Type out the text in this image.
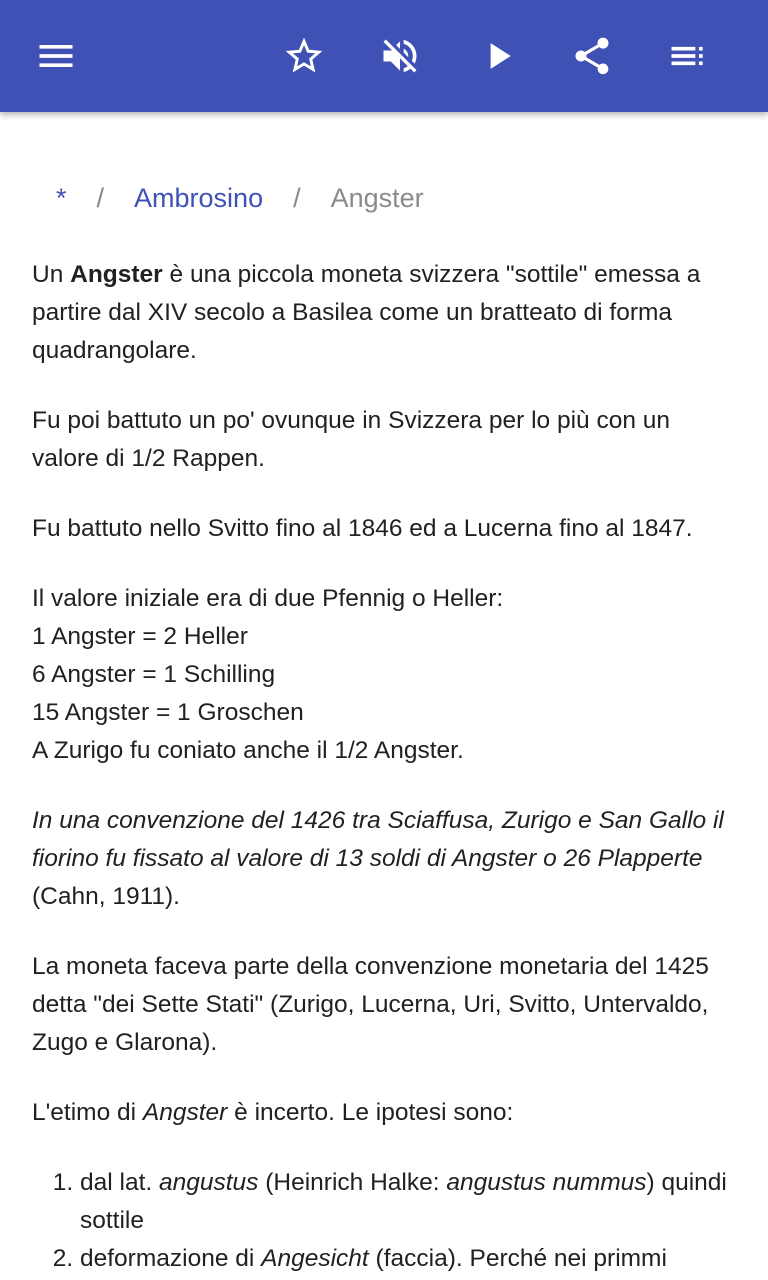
* / Ambrosino / Angster

Un Angster è una piccola moneta svizzera "sottile" emessa a partire dal XIV secolo a Basilea come un bratteato di forma quadrangolare.

Fu poi battuto un po' ovunque in Svizzera per lo più con un valore di 1/2 Rappen.

Fu battuto nello Svitto fino al 1846 ed a Lucerna fino al 1847.

Il valore iniziale era di due Pfennig o Heller:
1 Angster = 2 Heller
6 Angster = 1 Schilling
15 Angster = 1 Groschen
A Zurigo fu coniato anche il 1/2 Angster.

In una convenzione del 1426 tra Sciaffusa, Zurigo e San Gallo il fiorino fu fissato al valore di 13 soldi di Angster o 26 Plapperte (Cahn, 1911).

La moneta faceva parte della convenzione monetaria del 1425 detta "dei Sette Stati" (Zurigo, Lucerna, Uri, Svitto, Untervaldo, Zugo e Glarona).

L'etimo di Angster è incerto. Le ipotesi sono:

1. dal lat. angustus (Heinrich Halke: angustus nummus) quindi sottile
2. deformazione di Angesicht (faccia). Perché nei primmi
